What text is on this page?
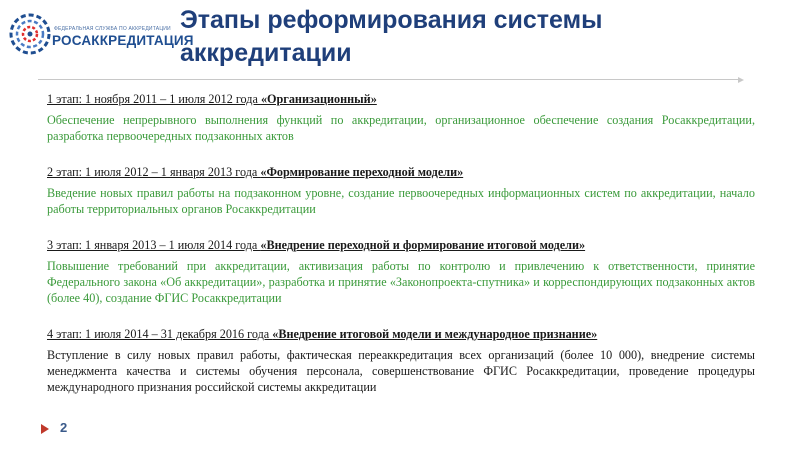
ФЕДЕРАЛЬНАЯ СЛУЖБА ПО АККРЕДИТАЦИИ
РОСАККРЕДИТАЦИЯ
Этапы реформирования системы аккредитации

1 этап: 1 ноября 2011 – 1 июля 2012 года «Организационный»

Обеспечение непрерывного выполнения функций по аккредитации, организационное обеспечение создания Росаккредитации, разработка первоочередных подзаконных актов

2 этап: 1 июля 2012 – 1 января 2013 года «Формирование переходной модели»

Введение новых правил работы на подзаконном уровне, создание первоочередных информационных систем по аккредитации, начало работы территориальных органов Росаккредитации

3 этап: 1 января 2013 – 1 июля 2014 года «Внедрение переходной и формирование итоговой модели»

Повышение требований при аккредитации, активизация работы по контролю и привлечению к ответственности, принятие Федерального закона «Об аккредитации», разработка и принятие «Законопроекта-спутника» и корреспондирующих подзаконных актов (более 40), создание ФГИС Росаккредитации

4 этап: 1 июля 2014 – 31 декабря 2016 года «Внедрение итоговой модели и международное признание»

Вступление в силу новых правил работы, фактическая переаккредитация всех организаций (более 10 000), внедрение системы менеджмента качества и системы обучения персонала, совершенствование ФГИС Росаккредитации, проведение процедуры международного признания российской системы аккредитации

2
